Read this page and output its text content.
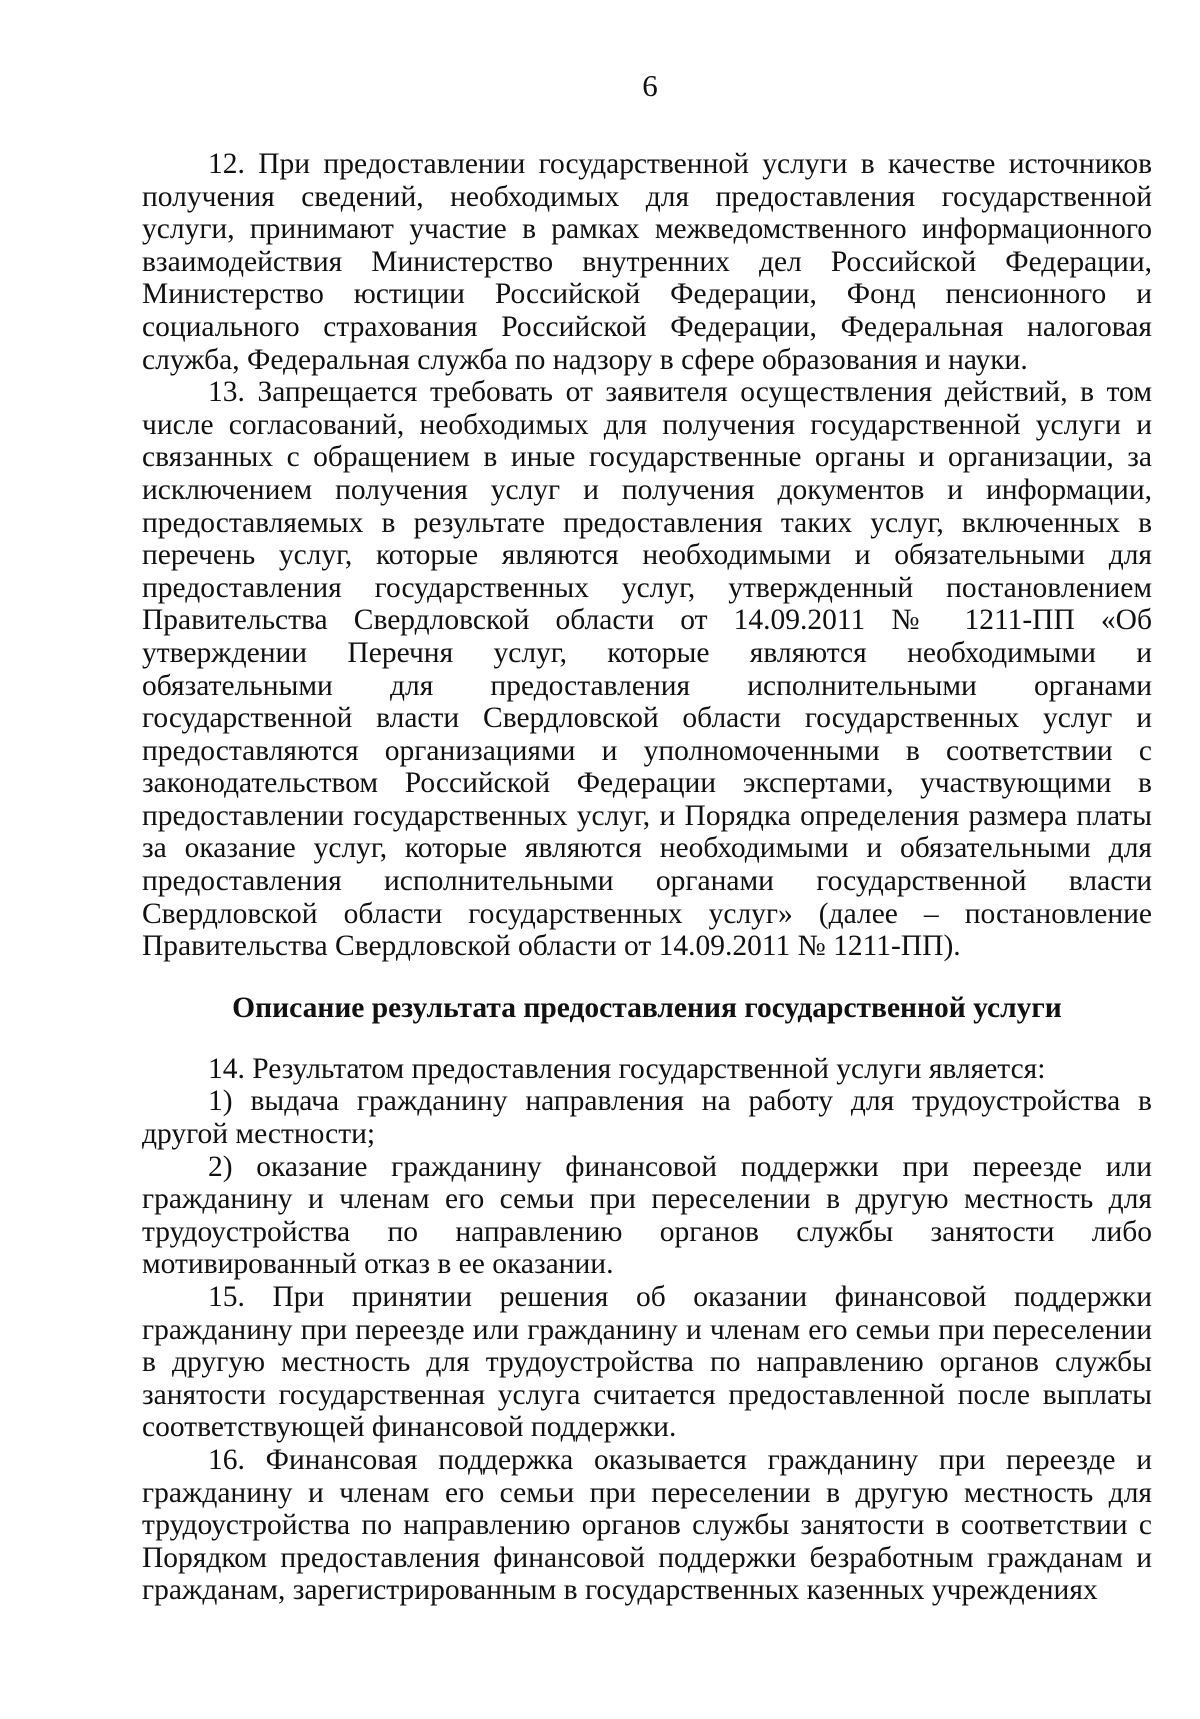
6

12. При предоставлении государственной услуги в качестве источников получения сведений, необходимых для предоставления государственной услуги, принимают участие в рамках межведомственного информационного взаимодействия Министерство внутренних дел Российской Федерации, Министерство юстиции Российской Федерации, Фонд пенсионного и социального страхования Российской Федерации, Федеральная налоговая служба, Федеральная служба по надзору в сфере образования и науки.

13. Запрещается требовать от заявителя осуществления действий, в том числе согласований, необходимых для получения государственной услуги и связанных с обращением в иные государственные органы и организации, за исключением получения услуг и получения документов и информации, предоставляемых в результате предоставления таких услуг, включенных в перечень услуг, которые являются необходимыми и обязательными для предоставления государственных услуг, утвержденный постановлением Правительства Свердловской области от 14.09.2011 № 1211-ПП «Об утверждении Перечня услуг, которые являются необходимыми и обязательными для предоставления исполнительными органами государственной власти Свердловской области государственных услуг и предоставляются организациями и уполномоченными в соответствии с законодательством Российской Федерации экспертами, участвующими в предоставлении государственных услуг, и Порядка определения размера платы за оказание услуг, которые являются необходимыми и обязательными для предоставления исполнительными органами государственной власти Свердловской области государственных услуг» (далее – постановление Правительства Свердловской области от 14.09.2011 № 1211-ПП).

Описание результата предоставления государственной услуги

14. Результатом предоставления государственной услуги является:

1) выдача гражданину направления на работу для трудоустройства в другой местности;

2) оказание гражданину финансовой поддержки при переезде или гражданину и членам его семьи при переселении в другую местность для трудоустройства по направлению органов службы занятости либо мотивированный отказ в ее оказании.

15. При принятии решения об оказании финансовой поддержки гражданину при переезде или гражданину и членам его семьи при переселении в другую местность для трудоустройства по направлению органов службы занятости государственная услуга считается предоставленной после выплаты соответствующей финансовой поддержки.

16. Финансовая поддержка оказывается гражданину при переезде и гражданину и членам его семьи при переселении в другую местность для трудоустройства по направлению органов службы занятости в соответствии с Порядком предоставления финансовой поддержки безработным гражданам и гражданам, зарегистрированным в государственных казенных учреждениях
